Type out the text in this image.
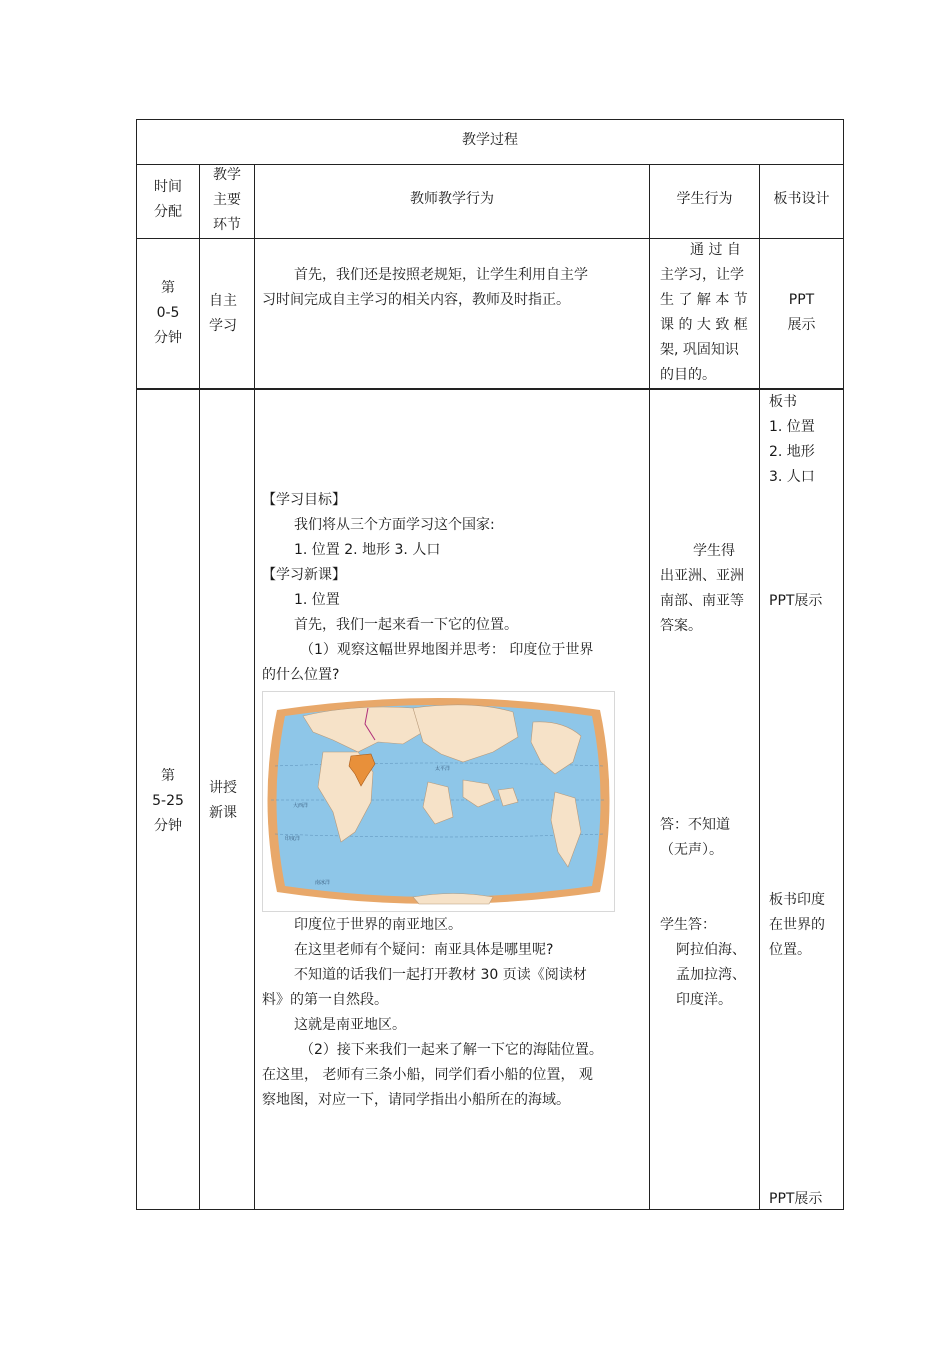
教学过程
时间
分配
教学
主要
环节
教师教学行为	学生行为	板书设计
第
0-5
分钟
自主
学习
首先，我们还是按照老规矩，让学生利用自主学
习时间完成自主学习的相关内容，教师及时指正。
通 过 自
主学习，让学
生 了 解 本 节
课 的 大 致 框
架, 巩固知识
的目的。
PPT
展示
第
5-25
分钟
讲授
新课
【学习目标】
我们将从三个方面学习这个国家:
1. 位置 2. 地形 3. 人口
【学习新课】
1. 位置
首先，我们一起来看一下它的位置。
（1）观察这幅世界地图并思考： 印度位于世界
的什么位置?
太平洋
大西洋
印度洋
南冰洋
印度位于世界的南亚地区。
在这里老师有个疑问：南亚具体是哪里呢?
不知道的话我们一起打开教材 30 页读《阅读材
料》的第一自然段。
这就是南亚地区。
（2）接下来我们一起来了解一下它的海陆位置。
在这里， 老师有三条小船，同学们看小船的位置， 观
察地图，对应一下，请同学指出小船所在的海域。
学生得
出亚洲、亚洲
南部、南亚等
答案。
答：不知道
（无声）。
学生答：
阿拉伯海、
孟加拉湾、
印度洋。
板书
1. 位置
2. 地形
3. 人口
PPT展示
板书印度
在世界的
位置。
PPT展示
